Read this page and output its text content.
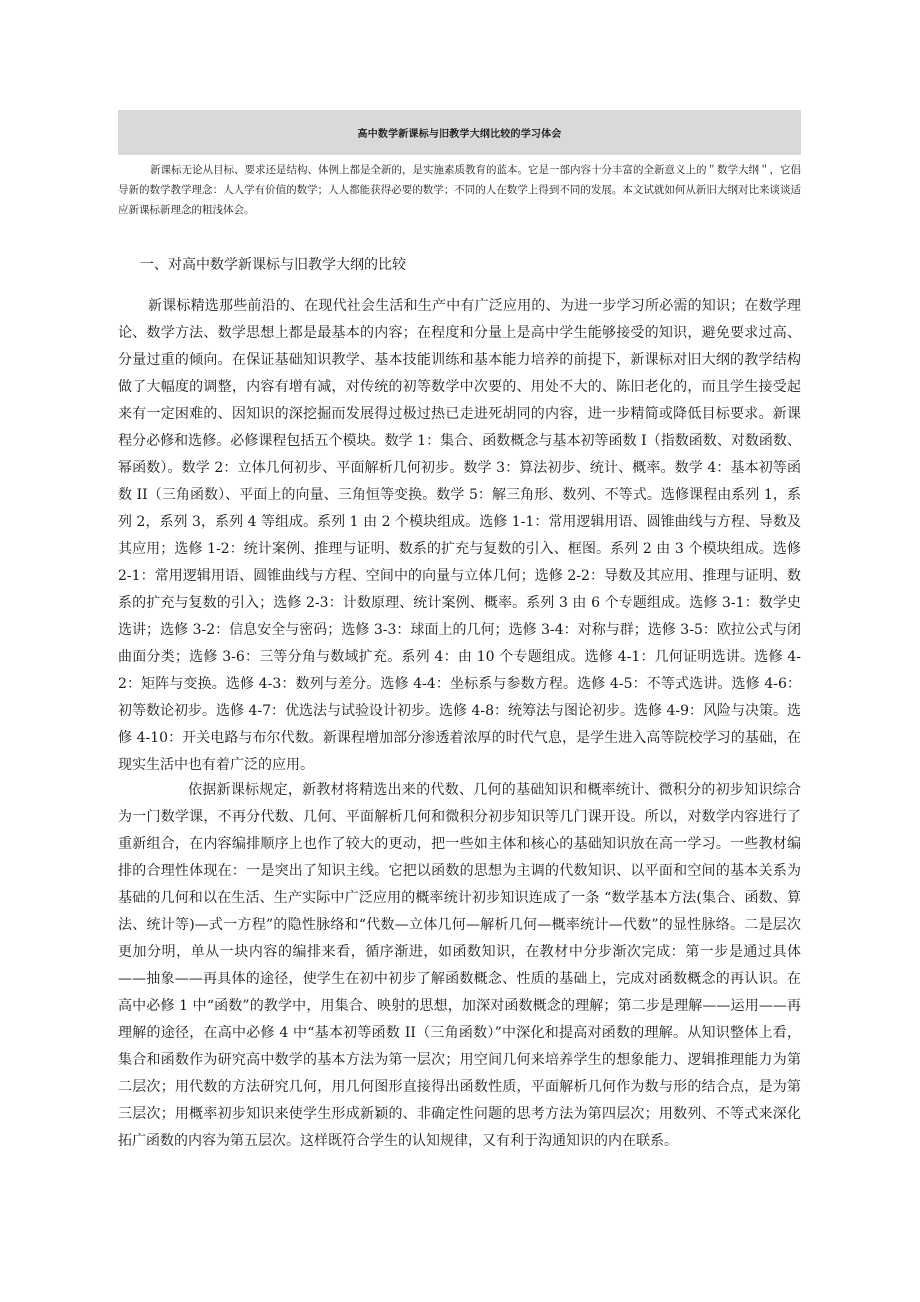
高中数学新课标与旧教学大纲比较的学习体会
新课标无论从目标、要求还是结构、体例上都是全新的，是实施素质教育的蓝本。它是一部内容十分丰富的全新意义上的＂数学大纲＂，它倡导新的数学教学理念：人人学有价值的数学；人人都能获得必要的数学；不同的人在数学上得到不同的发展。本文试就如何从新旧大纲对比来谈谈适应新课标新理念的粗浅体会。
一、对高中数学新课标与旧教学大纲的比较
新课标精选那些前沿的、在现代社会生活和生产中有广泛应用的、为进一步学习所必需的知识；在数学理论、数学方法、数学思想上都是最基本的内容；在程度和分量上是高中学生能够接受的知识，避免要求过高、分量过重的倾向。在保证基础知识教学、基本技能训练和基本能力培养的前提下，新课标对旧大纲的教学结构做了大幅度的调整，内容有增有减，对传统的初等数学中次要的、用处不大的、陈旧老化的，而且学生接受起来有一定困难的、因知识的深挖掘而发展得过极过热已走进死胡同的内容，进一步精简或降低目标要求。新课程分必修和选修。必修课程包括五个模块。数学 1：集合、函数概念与基本初等函数 I（指数函数、对数函数、幂函数）。数学 2：立体几何初步、平面解析几何初步。数学 3：算法初步、统计、概率。数学 4：基本初等函数 II（三角函数）、平面上的向量、三角恒等变换。数学 5：解三角形、数列、不等式。选修课程由系列 1，系列 2，系列 3，系列 4 等组成。系列 1 由 2 个模块组成。选修 1-1：常用逻辑用语、圆锥曲线与方程、导数及其应用；选修 1-2：统计案例、推理与证明、数系的扩充与复数的引入、框图。系列 2 由 3 个模块组成。选修 2-1：常用逻辑用语、圆锥曲线与方程、空间中的向量与立体几何；选修 2-2：导数及其应用、推理与证明、数系的扩充与复数的引入；选修 2-3：计数原理、统计案例、概率。系列 3 由 6 个专题组成。选修 3-1：数学史选讲；选修 3-2：信息安全与密码；选修 3-3：球面上的几何；选修 3-4：对称与群；选修 3-5：欧拉公式与闭曲面分类；选修 3-6：三等分角与数域扩充。系列 4：由 10 个专题组成。选修 4-1：几何证明选讲。选修 4-2：矩阵与变换。选修 4-3：数列与差分。选修 4-4：坐标系与参数方程。选修 4-5：不等式选讲。选修 4-6：初等数论初步。选修 4-7：优选法与试验设计初步。选修 4-8：统筹法与图论初步。选修 4-9：风险与决策。选修 4-10：开关电路与布尔代数。新课程增加部分渗透着浓厚的时代气息，是学生进入高等院校学习的基础，在现实生活中也有着广泛的应用。
依据新课标规定，新教材将精选出来的代数、几何的基础知识和概率统计、微积分的初步知识综合为一门数学课，不再分代数、几何、平面解析几何和微积分初步知识等几门课开设。所以，对数学内容进行了重新组合，在内容编排顺序上也作了较大的更动，把一些如主体和核心的基础知识放在高一学习。一些教材编排的合理性体现在：一是突出了知识主线。它把以函数的思想为主调的代数知识、以平面和空间的基本关系为基础的几何和以在生活、生产实际中广泛应用的概率统计初步知识连成了一条 “数学基本方法(集合、函数、算法、统计等)—式一方程”的隐性脉络和“代数—立体几何—解析几何—概率统计—代数”的显性脉络。二是层次更加分明，单从一块内容的编排来看，循序渐进，如函数知识，在教材中分步渐次完成：第一步是通过具体——抽象——再具体的途径，使学生在初中初步了解函数概念、性质的基础上，完成对函数概念的再认识。在高中必修 1 中“函数”的教学中，用集合、映射的思想，加深对函数概念的理解；第二步是理解——运用——再理解的途径，在高中必修 4 中“基本初等函数 II（三角函数）”中深化和提高对函数的理解。从知识整体上看，集合和函数作为研究高中数学的基本方法为第一层次；用空间几何来培养学生的想象能力、逻辑推理能力为第二层次；用代数的方法研究几何，用几何图形直接得出函数性质，平面解析几何作为数与形的结合点，是为第三层次；用概率初步知识来使学生形成新颖的、非确定性问题的思考方法为第四层次；用数列、不等式来深化拓广函数的内容为第五层次。这样既符合学生的认知规律，又有利于沟通知识的内在联系。
